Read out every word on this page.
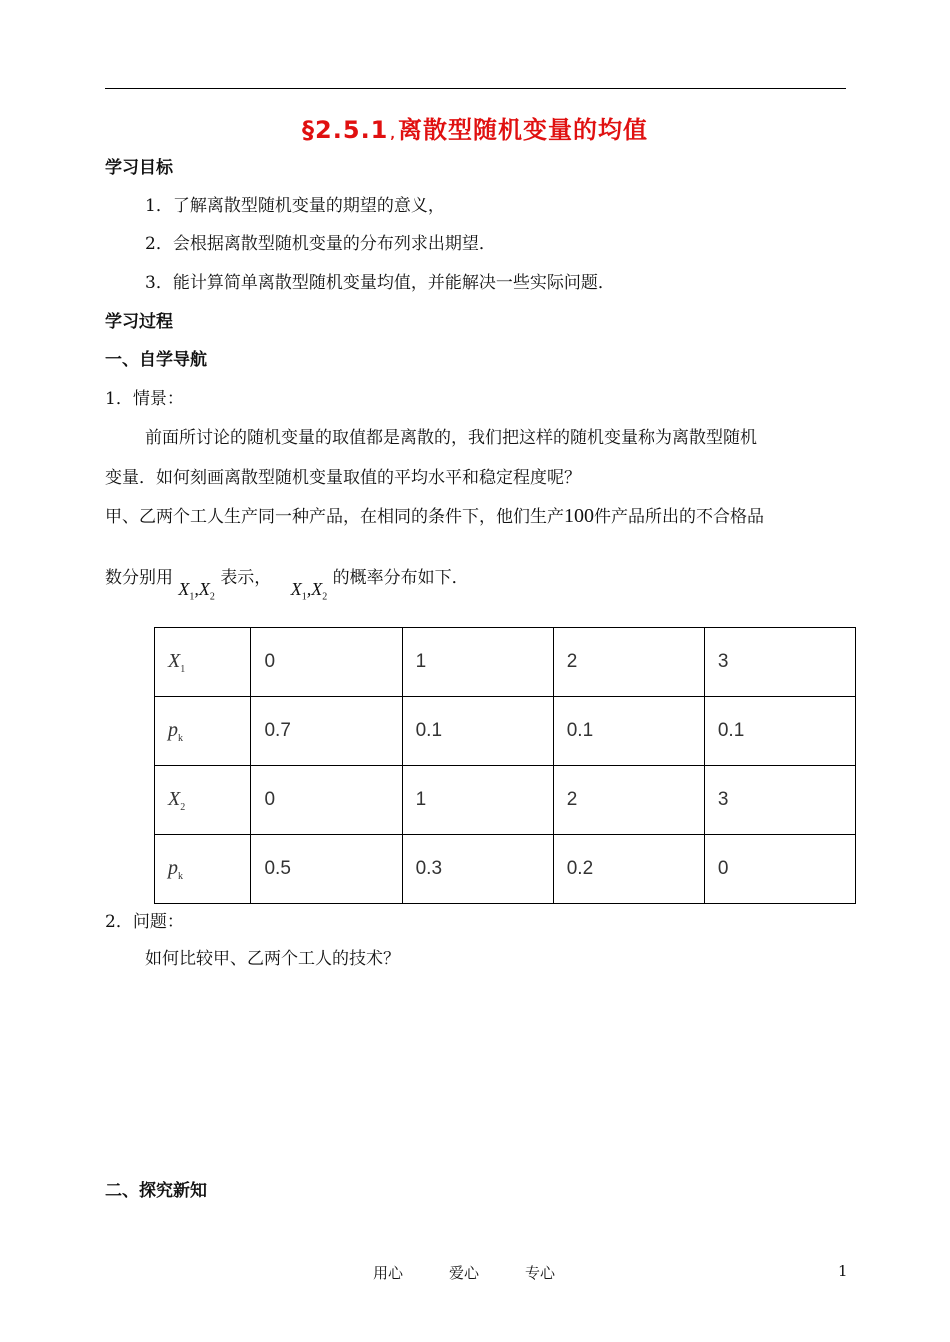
§2.5.1 ,离散型随机变量的均值
学习目标
1．了解离散型随机变量的期望的意义，
2．会根据离散型随机变量的分布列求出期望．
3．能计算简单离散型随机变量均值，并能解决一些实际问题．
学习过程
一、自学导航
1．情景：
前面所讨论的随机变量的取值都是离散的，我们把这样的随机变量称为离散型随机
变量．如何刻画离散型随机变量取值的平均水平和稳定程度呢？
甲、乙两个工人生产同一种产品，在相同的条件下，他们生产100件产品所出的不合格品
数分别用 $X_1,X_2$ 表示， $X_1,X_2$ 的概率分布如下．
$X_1$	0	1	2	3
$p_k$	0.7	0.1	0.1	0.1
$X_2$	0	1	2	3
$p_k$	0.5	0.3	0.2	0
2．问题：
如何比较甲、乙两个工人的技术？
二、探究新知
用心	爱心	专心	1
